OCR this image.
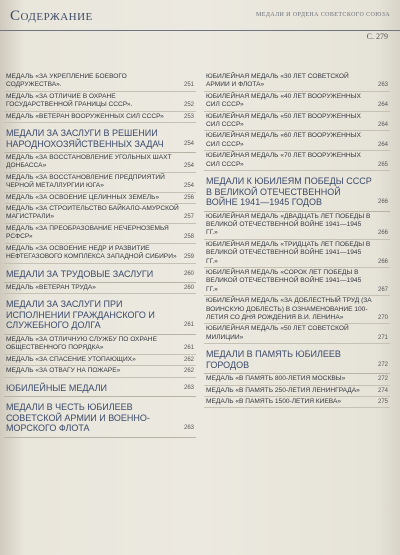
Содержание	МЕДАЛИ И ОРДЕНА СОВЕТСКОГО СОЮЗА
С. 279
МЕДАЛЬ «ЗА УКРЕПЛЕНИЕ БОЕВОГО СОДРУЖЕСТВА».	251
МЕДАЛЬ «ЗА ОТЛИЧИЕ В ОХРАНЕ ГОСУДАРСТВЕННОЙ ГРАНИЦЫ СССР».	252
МЕДАЛЬ «ВЕТЕРАН ВООРУЖЕННЫХ СИЛ СССР»	253
МЕДАЛИ ЗА ЗАСЛУГИ В РЕШЕНИИ НАРОДНОХОЗЯЙСТВЕННЫХ ЗАДАЧ	254
МЕДАЛЬ «ЗА ВОССТАНОВЛЕНИЕ УГОЛЬНЫХ ШАХТ ДОНБАССА»	254
МЕДАЛЬ «ЗА ВОССТАНОВЛЕНИЕ ПРЕДПРИЯТИЙ ЧЕРНОЙ МЕТАЛЛУРГИИ ЮГА»	254
МЕДАЛЬ «ЗА ОСВОЕНИЕ ЦЕЛИННЫХ ЗЕМЕЛЬ»	256
МЕДАЛЬ «ЗА СТРОИТЕЛЬСТВО БАЙКАЛО-АМУРСКОЙ МАГИСТРАЛИ»	257
МЕДАЛЬ «ЗА ПРЕОБРАЗОВАНИЕ НЕЧЕРНОЗЕМЬЯ РСФСР»	258
МЕДАЛЬ «ЗА ОСВОЕНИЕ НЕДР И РАЗВИТИЕ НЕФТЕГАЗОВОГО КОМПЛЕКСА ЗАПАДНОЙ СИБИРИ»	259
МЕДАЛИ ЗА ТРУДОВЫЕ ЗАСЛУГИ	260
МЕДАЛЬ «ВЕТЕРАН ТРУДА»	260
МЕДАЛИ ЗА ЗАСЛУГИ ПРИ ИСПОЛНЕНИИ ГРАЖДАНСКОГО И СЛУЖЕБНОГО ДОЛГА	261
МЕДАЛЬ «ЗА ОТЛИЧНУЮ СЛУЖБУ ПО ОХРАНЕ ОБЩЕСТВЕННОГО ПОРЯДКА»	261
МЕДАЛЬ «ЗА СПАСЕНИЕ УТОПАЮЩИХ»	262
МЕДАЛЬ «ЗА ОТВАГУ НА ПОЖАРЕ»	262
ЮБИЛЕЙНЫЕ МЕДАЛИ	263
МЕДАЛИ В ЧЕСТЬ ЮБИЛЕЕВ СОВЕТСКОЙ АРМИИ И ВОЕННО-МОРСКОГО ФЛОТА	263
ЮБИЛЕЙНАЯ МЕДАЛЬ «30 ЛЕТ СОВЕТСКОЙ АРМИИ И ФЛОТА»	263
ЮБИЛЕЙНАЯ МЕДАЛЬ «40 ЛЕТ ВООРУЖЕННЫХ СИЛ СССР»	264
ЮБИЛЕЙНАЯ МЕДАЛЬ «50 ЛЕТ ВООРУЖЕННЫХ СИЛ СССР»	264
ЮБИЛЕЙНАЯ МЕДАЛЬ «60 ЛЕТ ВООРУЖЕННЫХ СИЛ СССР»	264
ЮБИЛЕЙНАЯ МЕДАЛЬ «70 ЛЕТ ВООРУЖЕННЫХ СИЛ СССР»	265
МЕДАЛИ К ЮБИЛЕЯМ ПОБЕДЫ СССР В ВЕЛИКОЙ ОТЕЧЕСТВЕННОЙ ВОЙНЕ 1941—1945 ГОДОВ	266
ЮБИЛЕЙНАЯ МЕДАЛЬ «ДВАДЦАТЬ ЛЕТ ПОБЕДЫ В ВЕЛИКОЙ ОТЕЧЕСТВЕННОЙ ВОЙНЕ 1941—1945 ГГ.»	266
ЮБИЛЕЙНАЯ МЕДАЛЬ «ТРИДЦАТЬ ЛЕТ ПОБЕДЫ В ВЕЛИКОЙ ОТЕЧЕСТВЕННОЙ ВОЙНЕ 1941—1945 ГГ.»	266
ЮБИЛЕЙНАЯ МЕДАЛЬ «СОРОК ЛЕТ ПОБЕДЫ В ВЕЛИКОЙ ОТЕЧЕСТВЕННОЙ ВОЙНЕ 1941—1945 ГГ.»	267
ЮБИЛЕЙНАЯ МЕДАЛЬ «ЗА ДОБЛЕСТНЫЙ ТРУД (ЗА ВОИНСКУЮ ДОБЛЕСТЬ) В ОЗНАМЕНОВАНИЕ 100-ЛЕТИЯ СО ДНЯ РОЖДЕНИЯ В.И. ЛЕНИНА»	270
ЮБИЛЕЙНАЯ МЕДАЛЬ «50 ЛЕТ СОВЕТСКОЙ МИЛИЦИИ»	271
МЕДАЛИ В ПАМЯТЬ ЮБИЛЕЕВ ГОРОДОВ	272
МЕДАЛЬ «В ПАМЯТЬ 800-ЛЕТИЯ МОСКВЫ»	272
МЕДАЛЬ «В ПАМЯТЬ 250-ЛЕТИЯ ЛЕНИНГРАДА»	274
МЕДАЛЬ «В ПАМЯТЬ 1500-ЛЕТИЯ КИЕВА»	275
